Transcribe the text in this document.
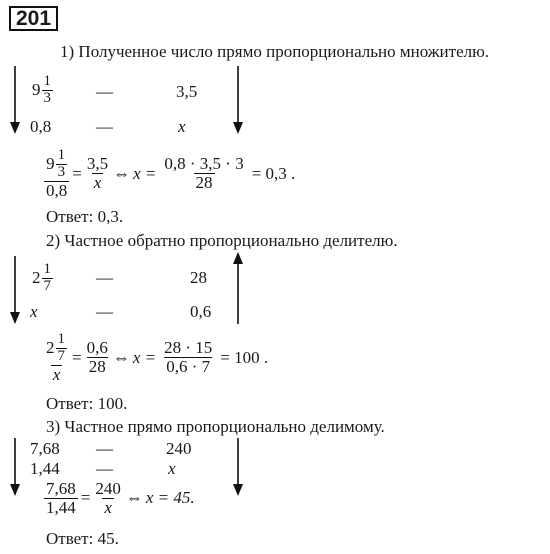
201
1) Полученное число прямо пропорционально множителю.
$9 \frac{1}{3}$	—	3,5
0,8	—	x
$\frac{9 \frac{1}{3}}{0,8} = \frac{3,5}{x}$ ⇔ $x = \frac{0,8 \cdot 3,5 \cdot 3}{28} = 0,3$ .
Ответ: 0,3.
2) Частное обратно пропорционально делителю.
$2 \frac{1}{7}$	—	28
x	—	0,6
$\frac{2 \frac{1}{7}}{x} = \frac{0,6}{28}$ ⇔ $x = \frac{28 \cdot 15}{0,6 \cdot 7} = 100$ .
Ответ: 100.
3) Частное прямо пропорционально делимому.
7,68 —	240
1,44 —	x
$\frac{7,68}{1,44} = \frac{240}{x}$ ⇔ x = 45.
Ответ: 45.
